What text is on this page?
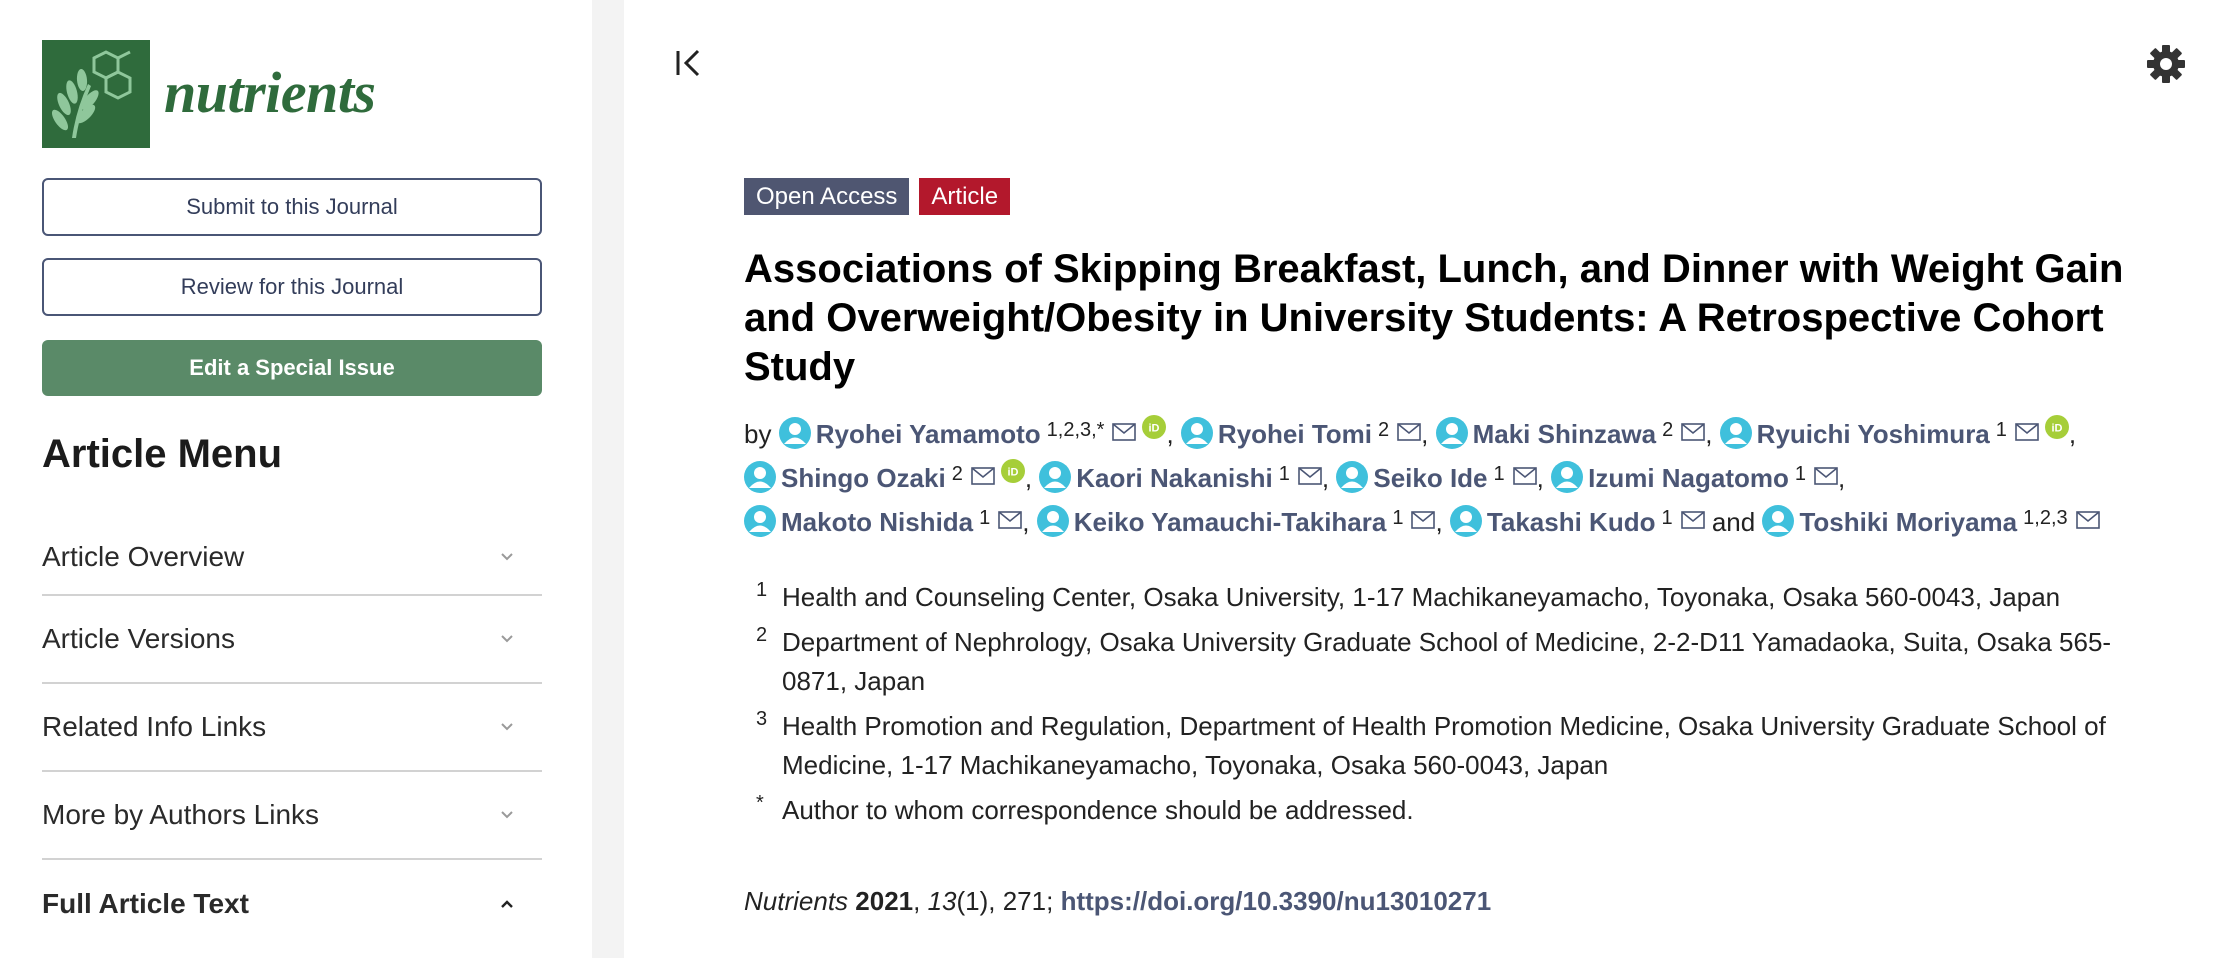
nutrients
Submit to this Journal
Review for this Journal
Edit a Special Issue
Article Menu
Article Overview
Article Versions
Related Info Links
More by Authors Links
Full Article Text
Open Access	Article
Associations of Skipping Breakfast, Lunch, and Dinner with Weight Gain and Overweight/Obesity in University Students: A Retrospective Cohort Study
by Ryohei Yamamoto $^{1,2,3,*}$	iD , Ryohei Tomi $^2$ , Maki Shinzawa $^2$ , Ryuichi Yoshimura $^1$	iD , Shingo Ozaki $^2$	iD , Kaori Nakanishi $^1$ , Seiko Ide $^1$ , Izumi Nagatomo $^1$ , Makoto Nishida $^1$ , Keiko Yamauchi-Takihara $^1$ , Takashi Kudo $^1$ and Toshiki Moriyama $^{1,2,3}$
1 Health and Counseling Center, Osaka University, 1-17 Machikaneyamacho, Toyonaka, Osaka 560-0043, Japan
2 Department of Nephrology, Osaka University Graduate School of Medicine, 2-2-D11 Yamadaoka, Suita, Osaka 565-0871, Japan
3 Health Promotion and Regulation, Department of Health Promotion Medicine, Osaka University Graduate School of Medicine, 1-17 Machikaneyamacho, Toyonaka, Osaka 560-0043, Japan
* Author to whom correspondence should be addressed.
Nutrients 2021, 13(1), 271; https://doi.org/10.3390/nu13010271
